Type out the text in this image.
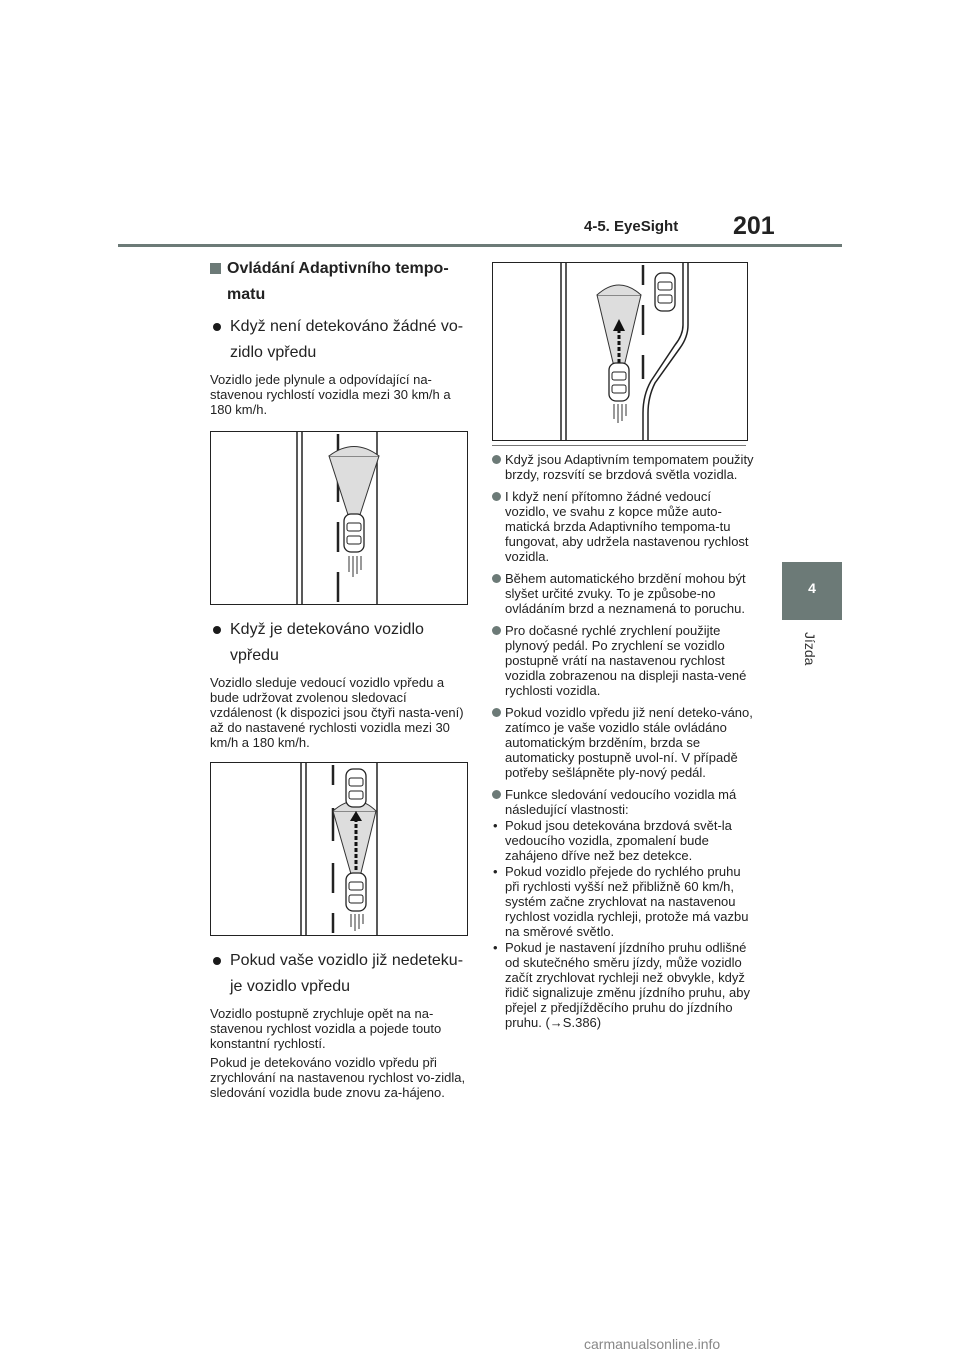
4-5. EyeSight 201
4
Jízda
Ovládání Adaptivního tempo-matu
Když není detekováno žádné vo-zidlo vpředu

Vozidlo jede plynule a odpovídající na-stavenou rychlostí vozidla mezi 30 km/h a 180 km/h.

Když je detekováno vozidlo vpředu

Vozidlo sleduje vedoucí vozidlo vpředu a bude udržovat zvolenou sledovací vzdálenost (k dispozici jsou čtyři nasta-vení) až do nastavené rychlosti vozidla mezi 30 km/h a 180 km/h.

Pokud vaše vozidlo již nedeteku-je vozidlo vpředu

Vozidlo postupně zrychluje opět na na-stavenou rychlost vozidla a pojede touto konstantní rychlostí.

Pokud je detekováno vozidlo vpředu při zrychlování na nastavenou rychlost vo-zidla, sledování vozidla bude znovu za-hájeno.

Když jsou Adaptivním tempomatem použity brzdy, rozsvítí se brzdová světla vozidla.
I když není přítomno žádné vedoucí vozidlo, ve svahu z kopce může auto-matická brzda Adaptivního tempoma-tu fungovat, aby udržela nastavenou rychlost vozidla.
Během automatického brzdění mohou být slyšet určité zvuky. To je způsobe-no ovládáním brzd a neznamená to poruchu.
Pro dočasné rychlé zrychlení použijte plynový pedál. Po zrychlení se vozidlo postupně vrátí na nastavenou rychlost vozidla zobrazenou na displeji nasta-vené rychlosti vozidla.
Pokud vozidlo vpředu již není deteko-váno, zatímco je vaše vozidlo stále ovládáno automatickým brzděním, brzda se automaticky postupně uvol-ní. V případě potřeby sešlápněte ply-nový pedál.
Funkce sledování vedoucího vozidla má následující vlastnosti:
• Pokud jsou detekována brzdová svět-la vedoucího vozidla, zpomalení bude zahájeno dříve než bez detekce.
• Pokud vozidlo přejede do rychlého pruhu při rychlosti vyšší než přibližně 60 km/h, systém začne zrychlovat na nastavenou rychlost vozidla rychleji, protože má vazbu na směrové světlo.
• Pokud je nastavení jízdního pruhu odlišné od skutečného směru jízdy, může vozidlo začít zrychlovat rychleji než obvykle, když řidič signalizuje změnu jízdního pruhu, aby přejel z předjížděcího pruhu do jízdního pruhu. (→S.386)
carmanualsonline.info
